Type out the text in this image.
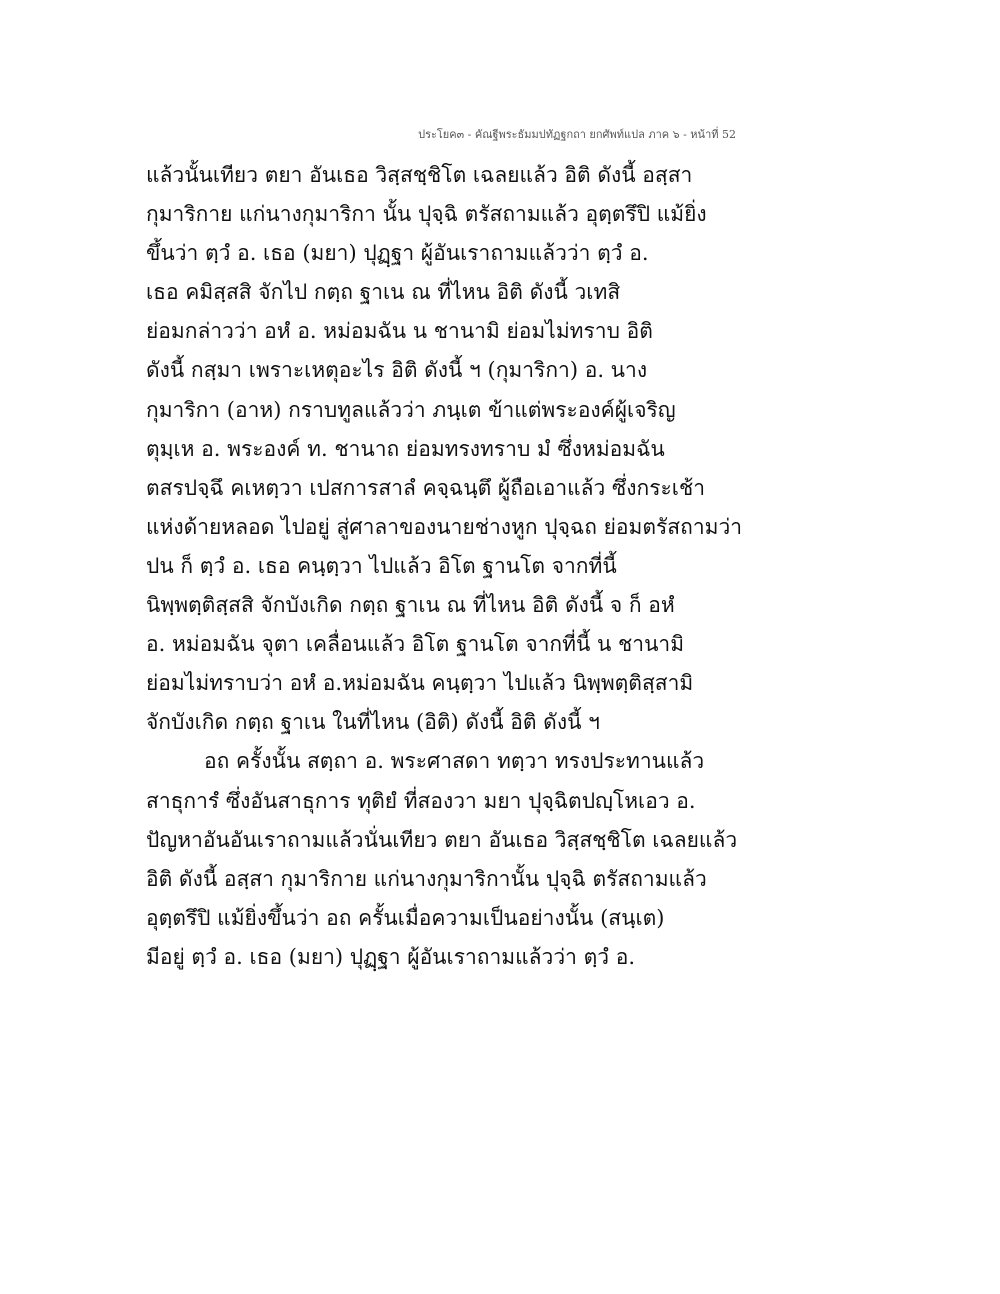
ประโยค๓ - คัณฐีพระธัมมปทัฏฐกถา ยกศัพท์แปล ภาค ๖ - หน้าที่ 52
แล้วนั้นเทียว ตยา อันเธอ วิสฺสชฺชิโต เฉลยแล้ว อิติ ดังนี้ อสฺสา
กุมาริกาย แก่นางกุมาริกา นั้น ปุจฺฉิ ตรัสถามแล้ว อุตฺตรึปิ แม้ยิ่ง
ขึ้นว่า ตฺวํ อ. เธอ (มยา) ปุฏฺฐา ผู้อันเราถามแล้วว่า ตฺวํ อ.
เธอ คมิสฺสสิ จักไป กตฺถ ฐาเน ณ ที่ไหน อิติ ดังนี้ วเทสิ
ย่อมกล่าวว่า อหํ อ. หม่อมฉัน น ชานามิ ย่อมไม่ทราบ อิติ
ดังนี้ กสฺมา เพราะเหตุอะไร อิติ ดังนี้ ฯ (กุมาริกา) อ. นาง
กุมาริกา (อาห) กราบทูลแล้วว่า ภนฺเต ข้าแต่พระองค์ผู้เจริญ
ตุมฺเห อ. พระองค์ ท. ชานาถ ย่อมทรงทราบ มํ ซึ่งหม่อมฉัน
ตสรปจฺฉึ คเหตฺวา เปสการสาลํ คจฺฉนฺตึ ผู้ถือเอาแล้ว ซึ่งกระเช้า
แห่งด้ายหลอด ไปอยู่ สู่ศาลาของนายช่างหูก ปุจฺฉถ ย่อมตรัสถามว่า
ปน ก็ ตฺวํ อ. เธอ คนฺตฺวา ไปแล้ว อิโต ฐานโต จากที่นี้
นิพฺพตฺติสฺสสิ จักบังเกิด กตฺถ ฐาเน ณ ที่ไหน อิติ ดังนี้ จ ก็ อหํ
อ. หม่อมฉัน จุตา เคลื่อนแล้ว อิโต ฐานโต จากที่นี้ น ชานามิ
ย่อมไม่ทราบว่า อหํ อ.หม่อมฉัน คนฺตฺวา ไปแล้ว นิพฺพตฺติสฺสามิ
จักบังเกิด กตฺถ ฐาเน ในที่ไหน (อิติ) ดังนี้ อิติ ดังนี้ ฯ
อถ ครั้งนั้น สตฺถา อ. พระศาสดา ทตฺวา ทรงประทานแล้ว
สาธุการํ ซึ่งอันสาธุการ ทุติยํ ที่สองวา มยา ปุจฺฉิตปญฺโหเอว อ.
ปัญหาอันอันเราถามแล้วนั่นเทียว ตยา อันเธอ วิสฺสชฺชิโต เฉลยแล้ว
อิติ ดังนี้ อสฺสา กุมาริกาย แก่นางกุมาริกานั้น ปุจฺฉิ ตรัสถามแล้ว
อุตฺตรึปิ แม้ยิ่งขึ้นว่า อถ ครั้นเมื่อความเป็นอย่างนั้น (สนฺเต)
มีอยู่ ตฺวํ อ. เธอ (มยา) ปุฏฺฐา ผู้อันเราถามแล้วว่า ตฺวํ อ.
